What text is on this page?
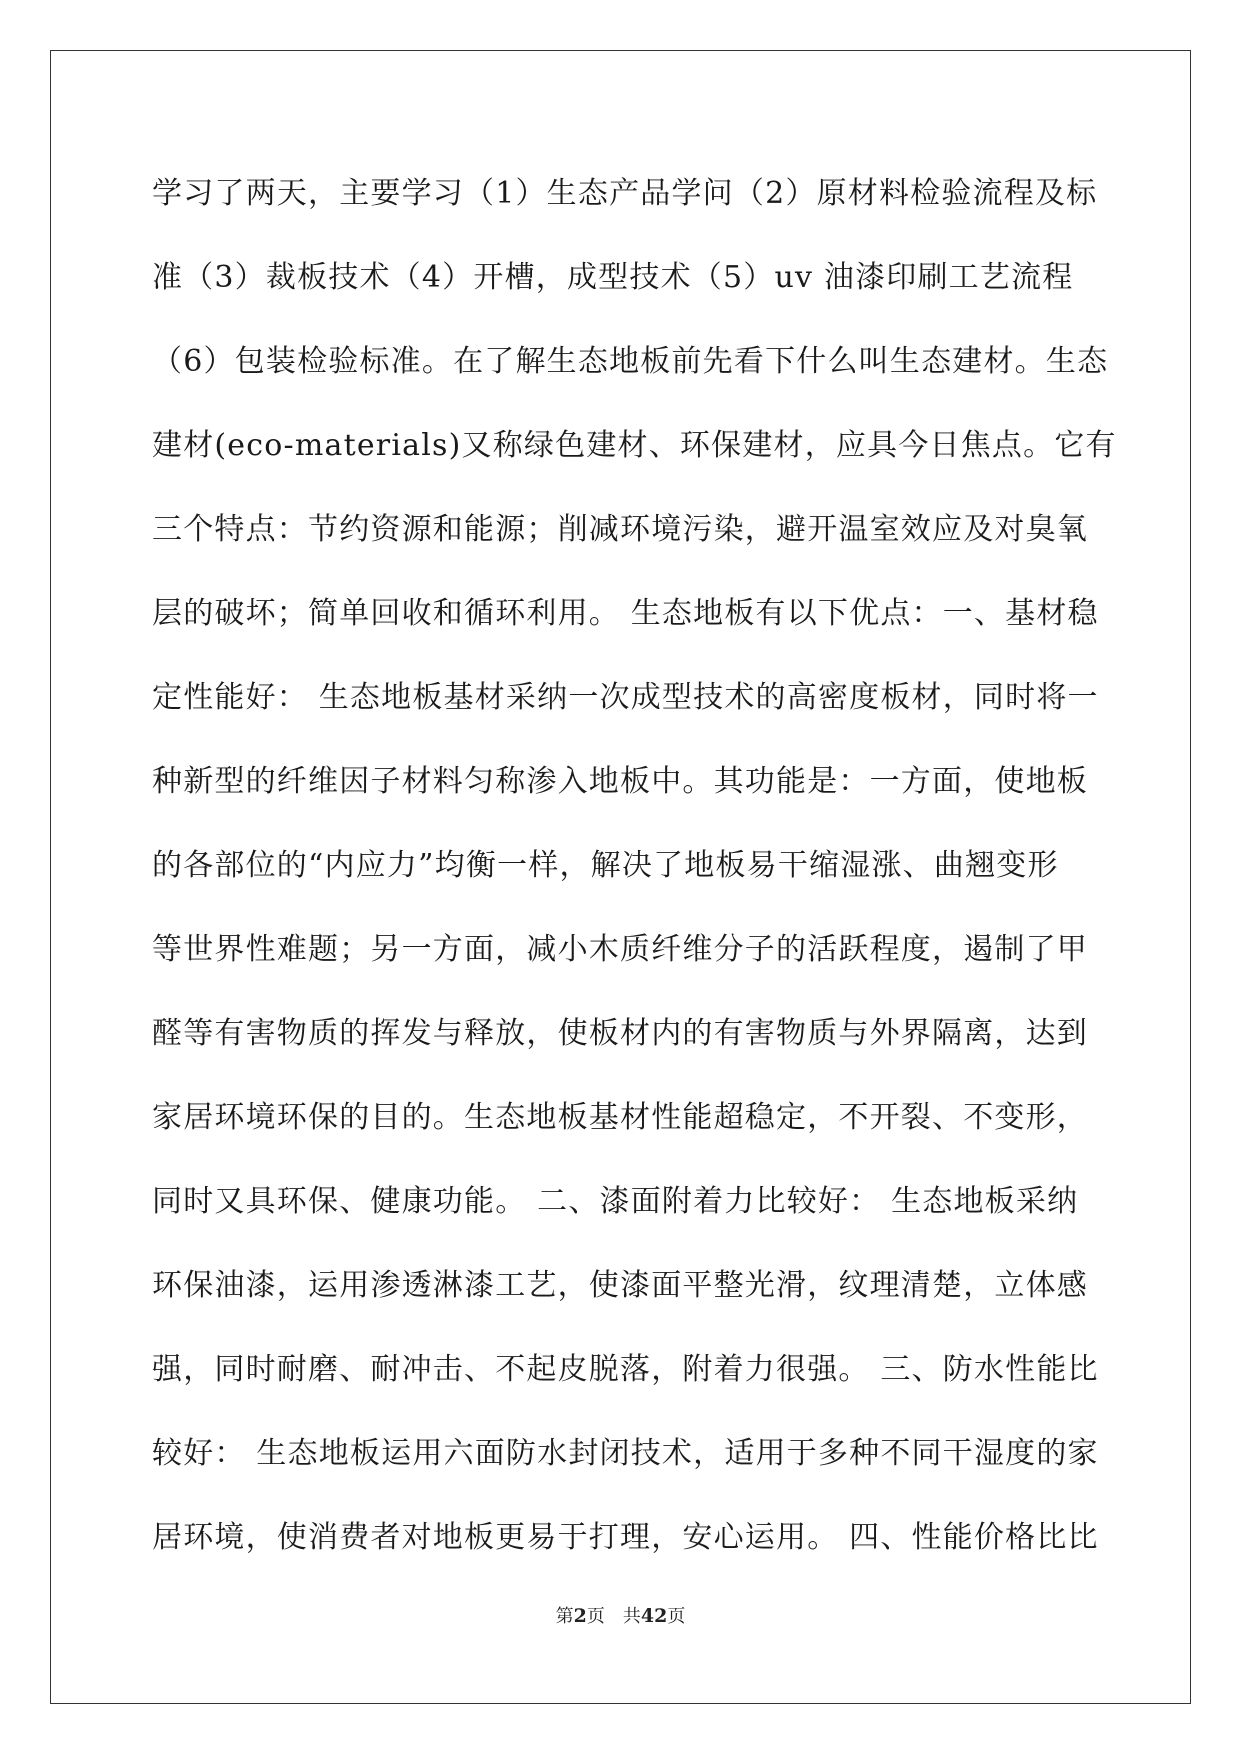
学习了两天，主要学习（1）生态产品学问（2）原材料检验流程及标
准（3）裁板技术（4）开槽，成型技术（5）uv 油漆印刷工艺流程
（6）包装检验标准。在了解生态地板前先看下什么叫生态建材。生态
建材(eco-materials)又称绿色建材、环保建材，应具今日焦点。它有
三个特点：节约资源和能源；削减环境污染，避开温室效应及对臭氧
层的破坏；简单回收和循环利用。 生态地板有以下优点：一、基材稳
定性能好： 生态地板基材采纳一次成型技术的高密度板材，同时将一
种新型的纤维因子材料匀称渗入地板中。其功能是：一方面，使地板
的各部位的“内应力”均衡一样，解决了地板易干缩湿涨、曲翘变形
等世界性难题；另一方面，减小木质纤维分子的活跃程度，遏制了甲
醛等有害物质的挥发与释放，使板材内的有害物质与外界隔离，达到
家居环境环保的目的。生态地板基材性能超稳定，不开裂、不变形，
同时又具环保、健康功能。 二、漆面附着力比较好： 生态地板采纳
环保油漆，运用渗透淋漆工艺，使漆面平整光滑，纹理清楚，立体感
强，同时耐磨、耐冲击、不起皮脱落，附着力很强。 三、防水性能比
较好： 生态地板运用六面防水封闭技术，适用于多种不同干湿度的家
居环境，使消费者对地板更易于打理，安心运用。 四、性能价格比比
第2页 共42页
